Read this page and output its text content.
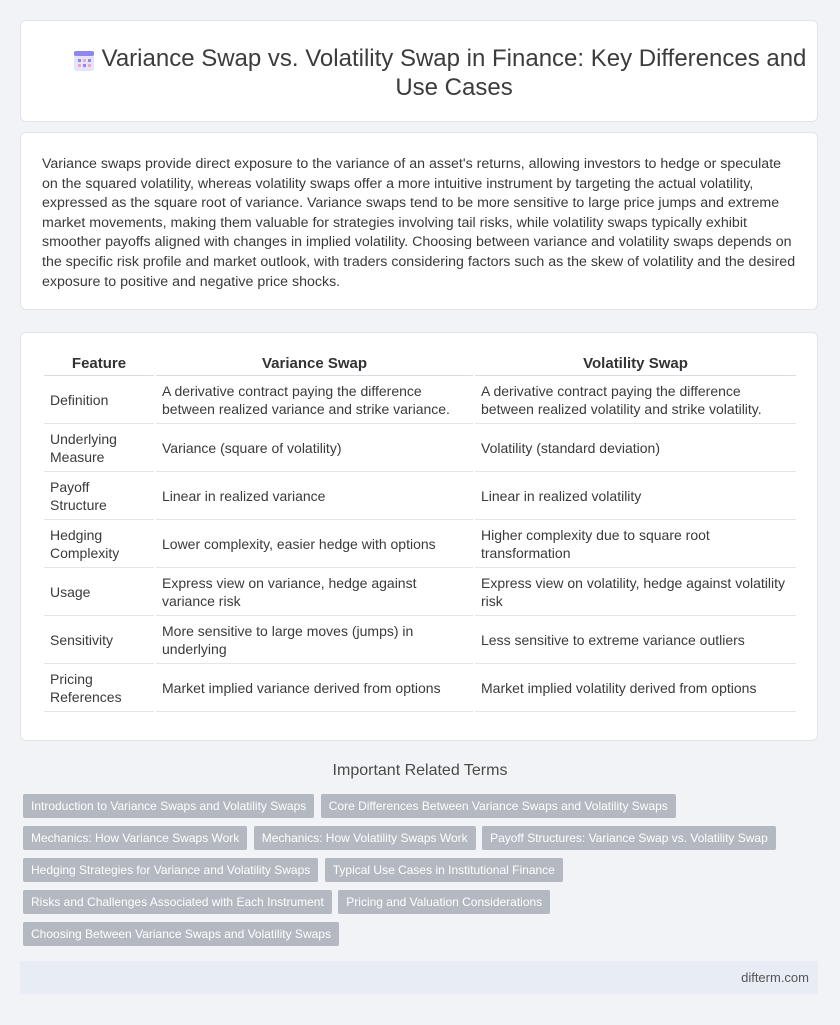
Variance Swap vs. Volatility Swap in Finance: Key Differences and Use Cases

Variance swaps provide direct exposure to the variance of an asset's returns, allowing investors to hedge or speculate on the squared volatility, whereas volatility swaps offer a more intuitive instrument by targeting the actual volatility, expressed as the square root of variance. Variance swaps tend to be more sensitive to large price jumps and extreme market movements, making them valuable for strategies involving tail risks, while volatility swaps typically exhibit smoother payoffs aligned with changes in implied volatility. Choosing between variance and volatility swaps depends on the specific risk profile and market outlook, with traders considering factors such as the skew of volatility and the desired exposure to positive and negative price shocks.

Feature	Variance Swap	Volatility Swap
Definition	A derivative contract paying the difference between realized variance and strike variance.	A derivative contract paying the difference between realized volatility and strike volatility.
Underlying Measure	Variance (square of volatility)	Volatility (standard deviation)
Payoff Structure	Linear in realized variance	Linear in realized volatility
Hedging Complexity	Lower complexity, easier hedge with options	Higher complexity due to square root transformation
Usage	Express view on variance, hedge against variance risk	Express view on volatility, hedge against volatility risk
Sensitivity	More sensitive to large moves (jumps) in underlying	Less sensitive to extreme variance outliers
Pricing References	Market implied variance derived from options	Market implied volatility derived from options
Important Related Terms
Introduction to Variance Swaps and Volatility Swaps Core Differences Between Variance Swaps and Volatility Swaps
Mechanics: How Variance Swaps Work Mechanics: How Volatility Swaps Work Payoff Structures: Variance Swap vs. Volatility Swap
Hedging Strategies for Variance and Volatility Swaps Typical Use Cases in Institutional Finance
Risks and Challenges Associated with Each Instrument Pricing and Valuation Considerations
Choosing Between Variance Swaps and Volatility Swaps
difterm.com
